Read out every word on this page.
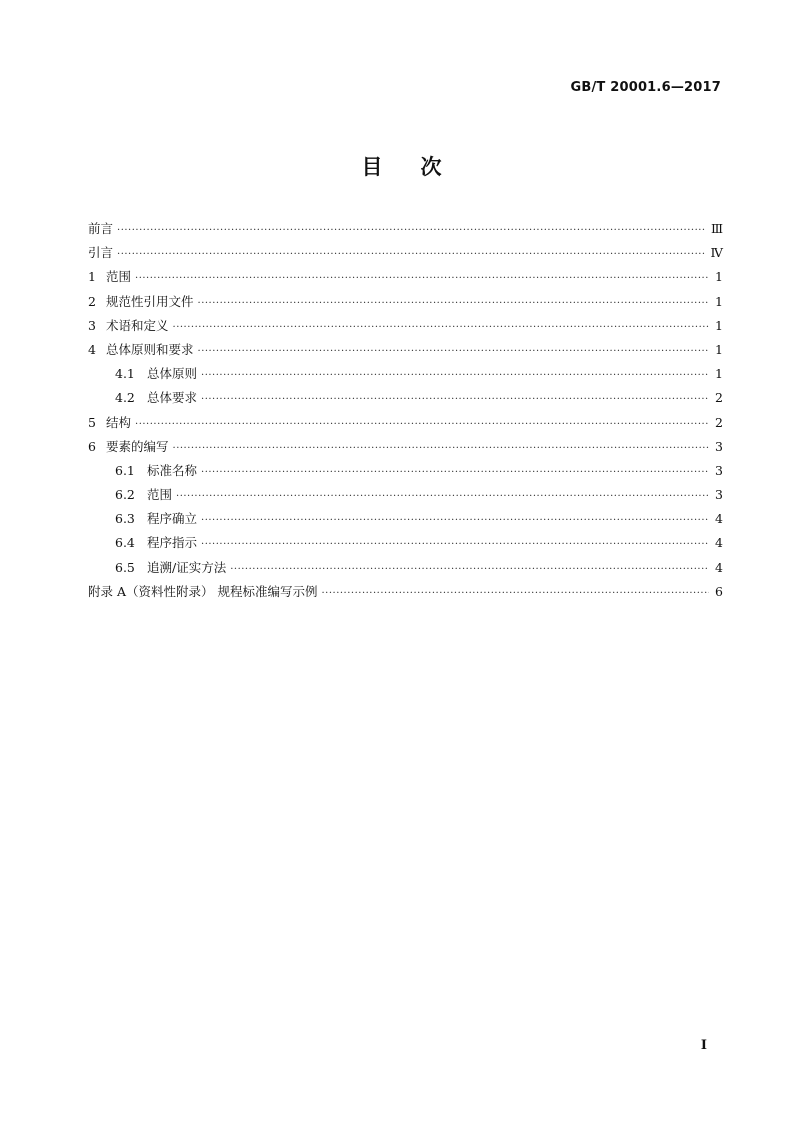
GB/T 20001.6—2017
目 次
前言 ·····	Ⅲ
引言 ·····	Ⅳ
1 范围 ·····	1
2 规范性引用文件 ·····	1
3 术语和定义 ·····	1
4 总体原则和要求 ·····	1
4.1 总体原则 ·····	1
4.2 总体要求 ·····	2
5 结构 ·····	2
6 要素的编写 ·····	3
6.1 标准名称 ·····	3
6.2 范围 ·····	3
6.3 程序确立 ·····	4
6.4 程序指示 ·····	4
6.5 追溯/证实方法 ·····	4
附录 A（资料性附录） 规程标准编写示例 ·····	6
I
